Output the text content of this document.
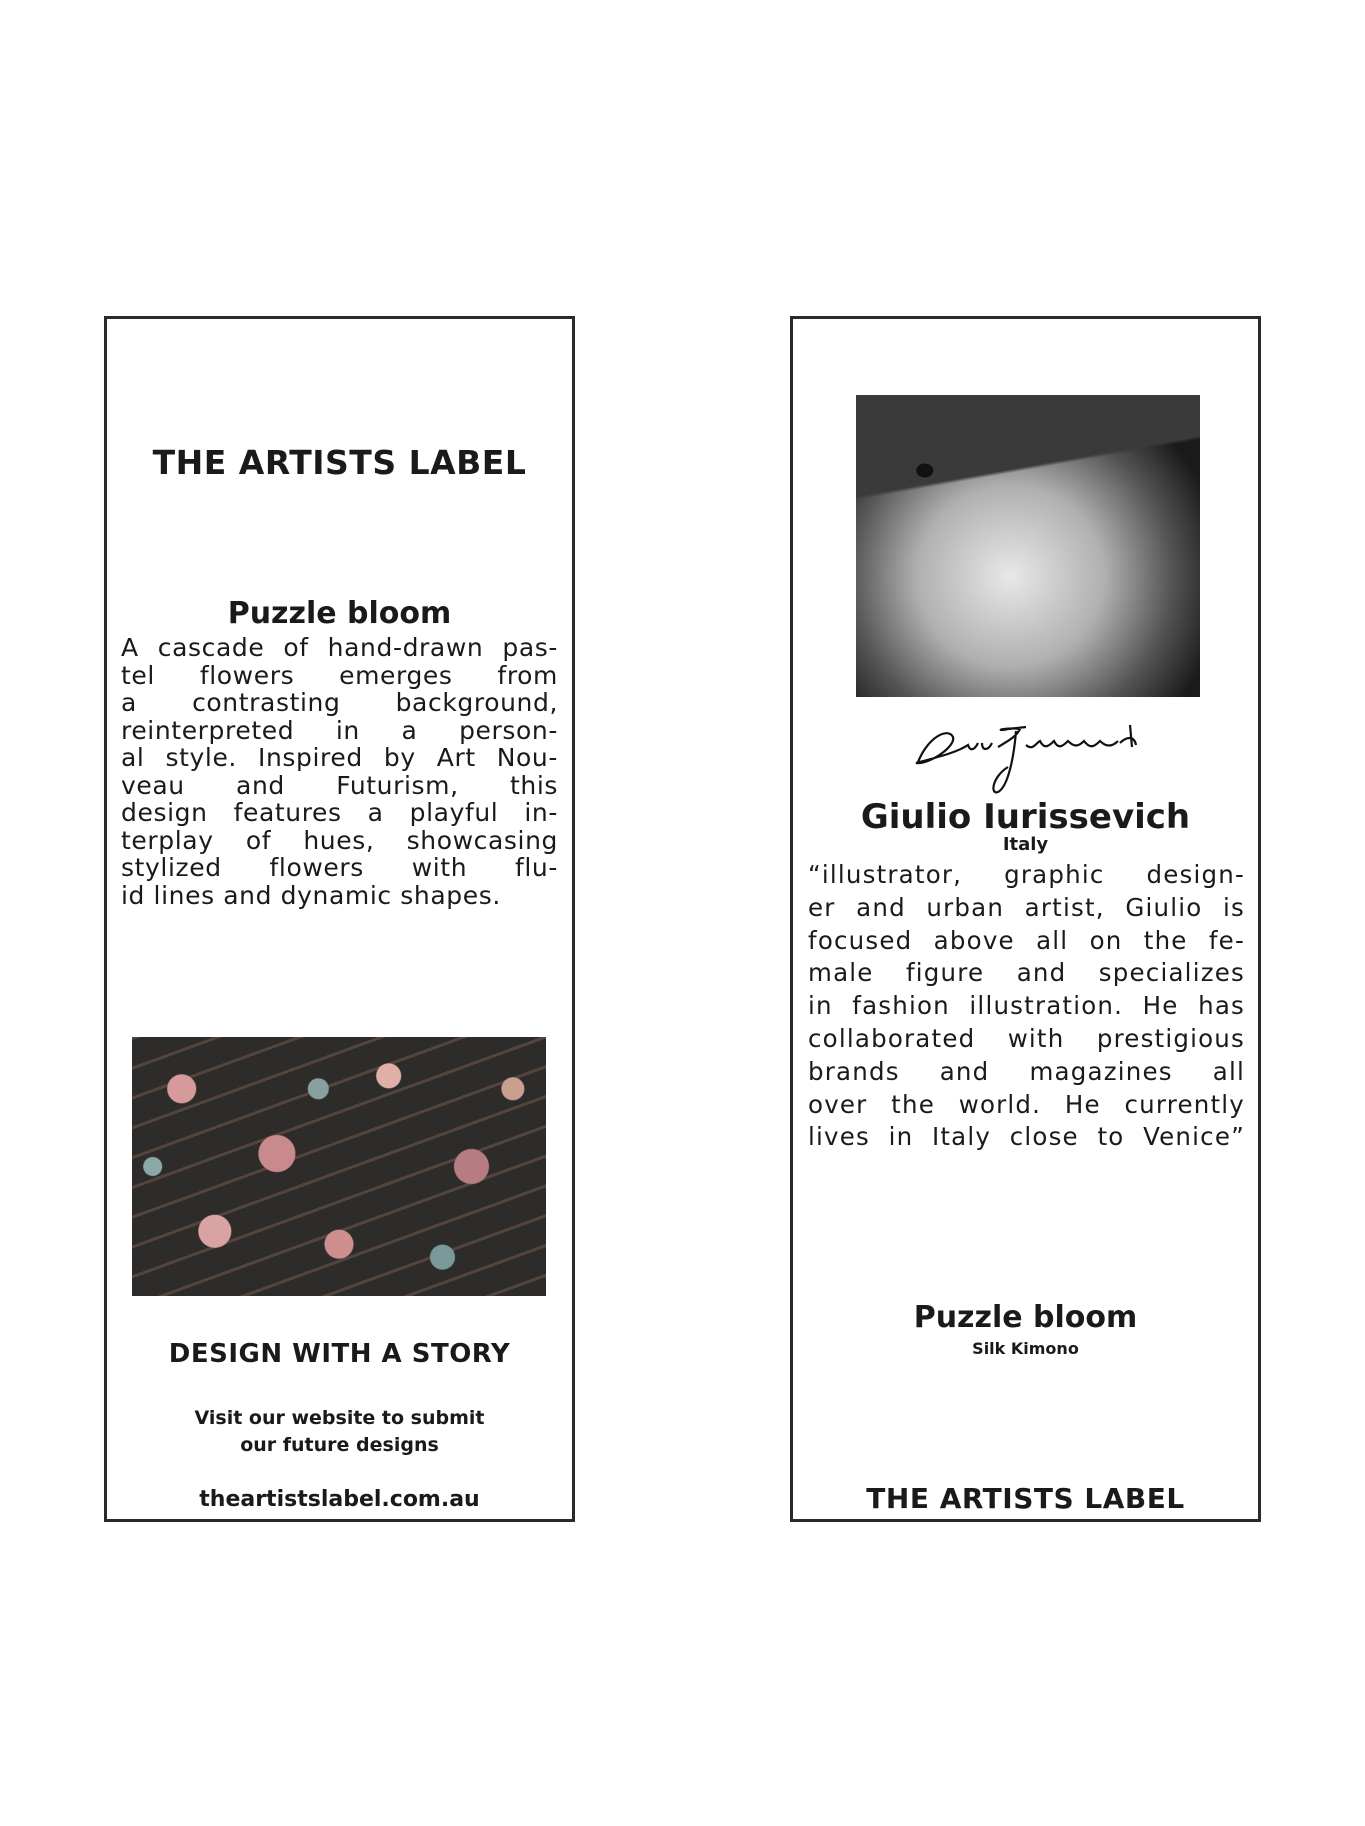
THE ARTISTS LABEL
Puzzle bloom
A cascade of hand-drawn pas-
tel flowers emerges from
a contrasting background,
reinterpreted in a person-
al style. Inspired by Art Nou-
veau and Futurism, this
design features a playful in-
terplay of hues, showcasing
stylized flowers with flu-
id lines and dynamic shapes.
DESIGN WITH A STORY
Visit our website to submit
our future designs
theartistslabel.com.au
Giulio Iurissevich
Italy
“illustrator, graphic design-
er and urban artist, Giulio is
focused above all on the fe-
male figure and specializes
in fashion illustration. He has
collaborated with prestigious
brands and magazines all
over the world. He currently
lives in Italy close to Venice”
Puzzle bloom
Silk Kimono
THE ARTISTS LABEL
